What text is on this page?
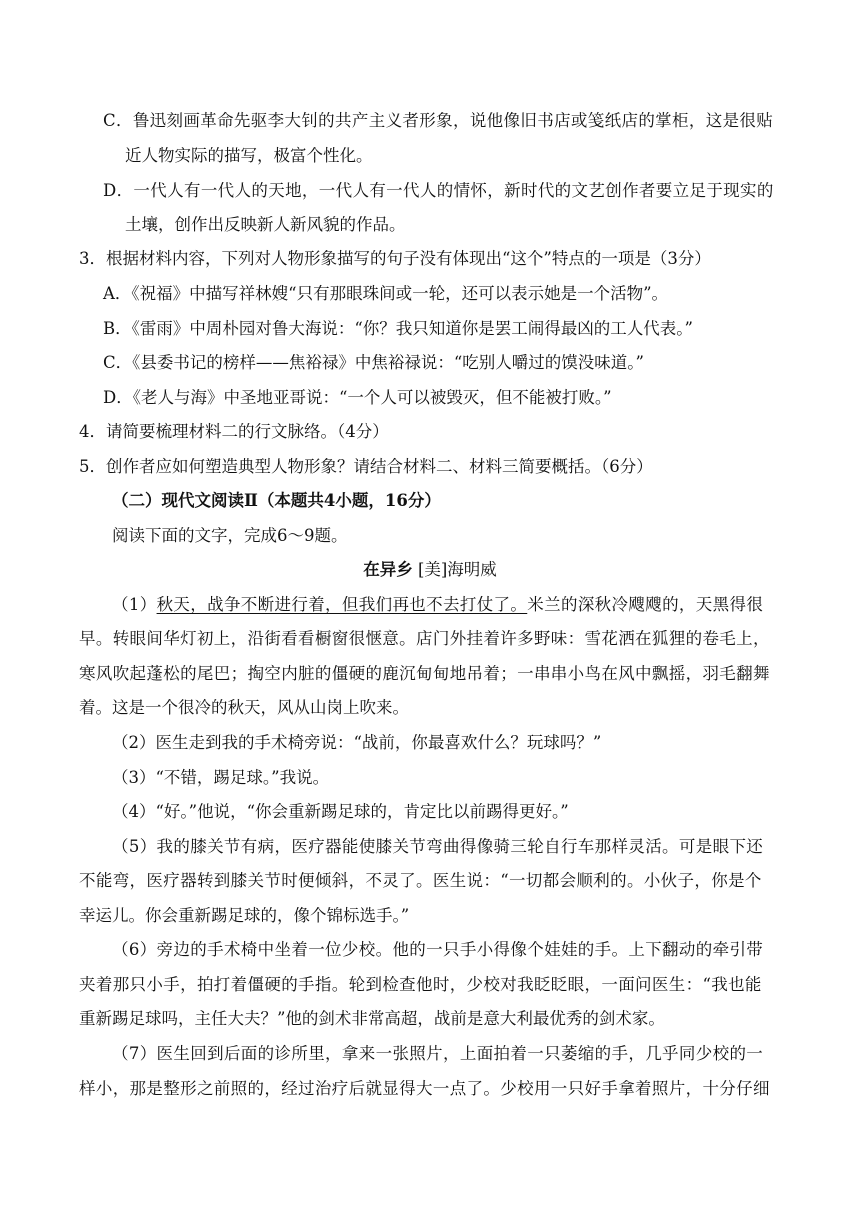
C．鲁迅刻画革命先驱李大钊的共产主义者形象，说他像旧书店或笺纸店的掌柜，这是很贴
近人物实际的描写，极富个性化。
D．一代人有一代人的天地，一代人有一代人的情怀，新时代的文艺创作者要立足于现实的
土壤，创作出反映新人新风貌的作品。
3．根据材料内容，下列对人物形象描写的句子没有体现出“这个”特点的一项是（3分）
A．《祝福》中描写祥林嫂“只有那眼珠间或一轮，还可以表示她是一个活物”。
B．《雷雨》中周朴园对鲁大海说：“你？我只知道你是罢工闹得最凶的工人代表。”
C．《县委书记的榜样——焦裕禄》中焦裕禄说：“吃别人嚼过的馍没味道。”
D．《老人与海》中圣地亚哥说：“一个人可以被毁灭，但不能被打败。”
4．请简要梳理材料二的行文脉络。（4分）
5．创作者应如何塑造典型人物形象？请结合材料二、材料三简要概括。（6分）
（二）现代文阅读Ⅱ（本题共4小题，16分）
阅读下面的文字，完成6～9题。
在异乡 [美]海明威
（1）秋天，战争不断进行着，但我们再也不去打仗了。米兰的深秋冷飕飕的，天黑得很
早。转眼间华灯初上，沿街看看橱窗很惬意。店门外挂着许多野味：雪花洒在狐狸的卷毛上，
寒风吹起蓬松的尾巴；掏空内脏的僵硬的鹿沉甸甸地吊着；一串串小鸟在风中飘摇，羽毛翻舞
着。这是一个很冷的秋天，风从山岗上吹来。
（2）医生走到我的手术椅旁说：“战前，你最喜欢什么？玩球吗？”
（3）“不错，踢足球。”我说。
（4）“好。”他说，“你会重新踢足球的，肯定比以前踢得更好。”
（5）我的膝关节有病，医疗器能使膝关节弯曲得像骑三轮自行车那样灵活。可是眼下还
不能弯，医疗器转到膝关节时便倾斜，不灵了。医生说：“一切都会顺利的。小伙子，你是个
幸运儿。你会重新踢足球的，像个锦标选手。”
（6）旁边的手术椅中坐着一位少校。他的一只手小得像个娃娃的手。上下翻动的牵引带
夹着那只小手，拍打着僵硬的手指。轮到检查他时，少校对我眨眨眼，一面问医生：“我也能
重新踢足球吗，主任大夫？”他的剑术非常高超，战前是意大利最优秀的剑术家。
（7）医生回到后面的诊所里，拿来一张照片，上面拍着一只萎缩的手，几乎同少校的一
样小，那是整形之前照的，经过治疗后就显得大一点了。少校用一只好手拿着照片，十分仔细
